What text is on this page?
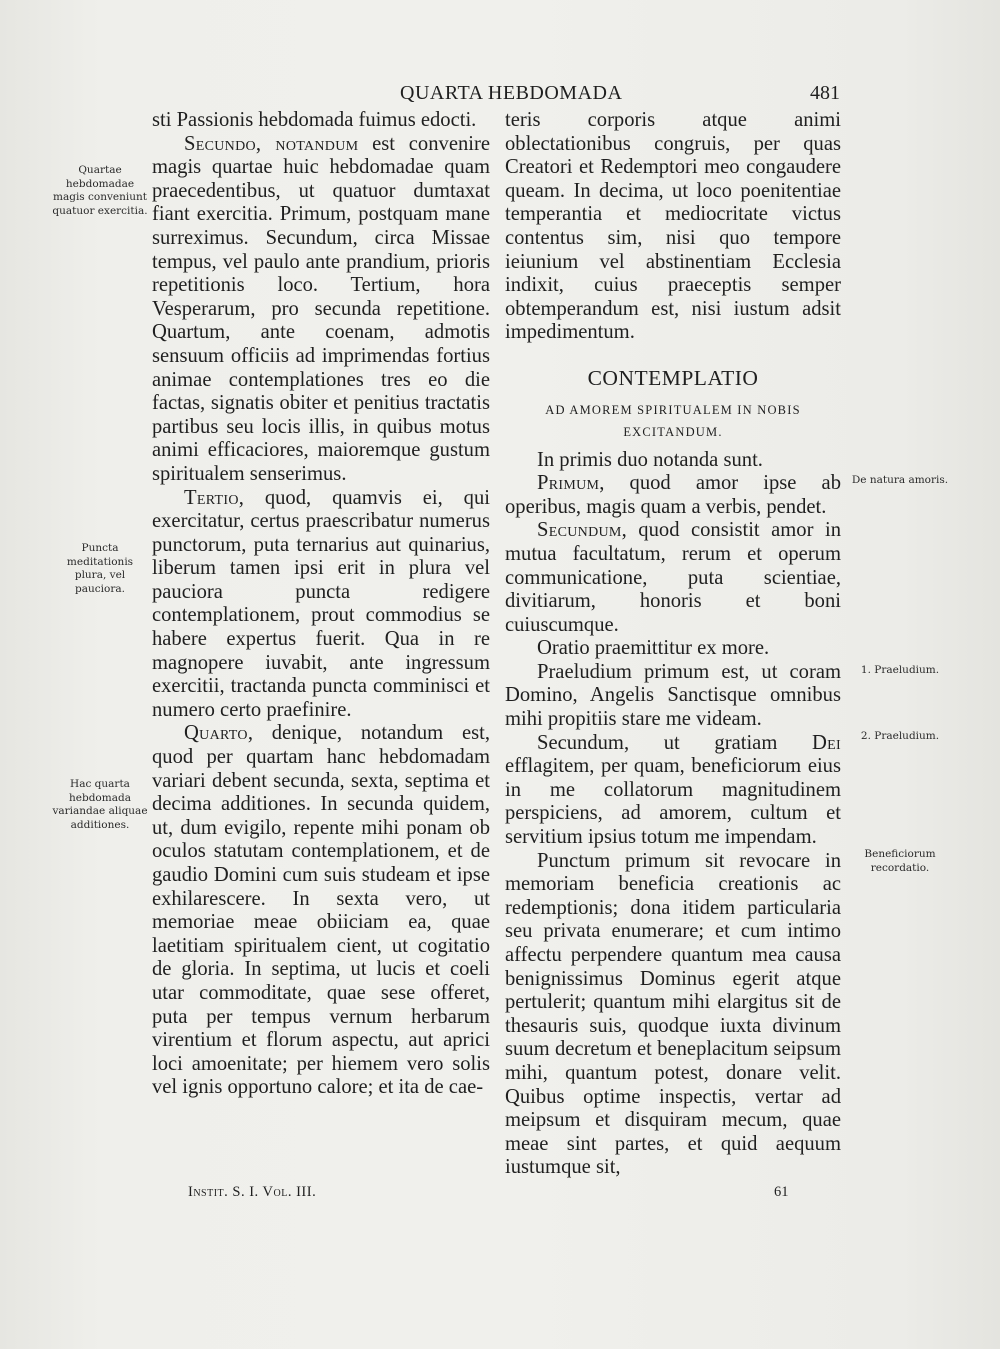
QUARTA HEBDOMADA	481
Quartae hebdomadae magis conveniunt quatuor exercitia.
Puncta meditationis plura, vel pauciora.
Hac quarta hebdomada variandae aliquae additiones.
De natura amoris.
1. Praeludium.
2. Praeludium.
Beneficiorum recordatio.

sti Passionis hebdomada fuimus edocti.

Secundo, notandum est convenire magis quartae huic hebdomadae quam praecedentibus, ut quatuor dumtaxat fiant exercitia. Primum, postquam mane surreximus. Secundum, circa Missae tempus, vel paulo ante prandium, prioris repetitionis loco. Tertium, hora Vesperarum, pro secunda repetitione. Quartum, ante coenam, admotis sensuum officiis ad imprimendas fortius animae contemplationes tres eo die factas, signatis obiter et penitius tractatis partibus seu locis illis, in quibus motus animi efficaciores, maioremque gustum spiritualem senserimus.

Tertio, quod, quamvis ei, qui exercitatur, certus praescribatur numerus punctorum, puta ternarius aut quinarius, liberum tamen ipsi erit in plura vel pauciora puncta redigere contemplationem, prout commodius se habere expertus fuerit. Qua in re magnopere iuvabit, ante ingressum exercitii, tractanda puncta comminisci et numero certo praefinire.

Quarto, denique, notandum est, quod per quartam hanc hebdomadam variari debent secunda, sexta, septima et decima additiones. In secunda quidem, ut, dum evigilo, repente mihi ponam ob oculos statutam contemplationem, et de gaudio Domini cum suis studeam et ipse exhilarescere. In sexta vero, ut memoriae meae obiiciam ea, quae laetitiam spiritualem cient, ut cogitatio de gloria. In septima, ut lucis et coeli utar commoditate, quae sese offeret, puta per tempus vernum herbarum virentium et florum aspectu, aut aprici loci amoenitate; per hiemem vero solis vel ignis opportuno calore; et ita de cae-

teris corporis atque animi oblectationibus congruis, per quas Creatori et Redemptori meo congaudere queam. In decima, ut loco poenitentiae temperantia et mediocritate victus contentus sim, nisi quo tempore ieiunium vel abstinentiam Ecclesia indixit, cuius praeceptis semper obtemperandum est, nisi iustum adsit impedimentum.

CONTEMPLATIO
AD AMOREM SPIRITUALEM IN NOBIS
EXCITANDUM.

In primis duo notanda sunt.

Primum, quod amor ipse ab operibus, magis quam a verbis, pendet.

Secundum, quod consistit amor in mutua facultatum, rerum et operum communicatione, puta scientiae, divitiarum, honoris et boni cuiuscumque.

Oratio praemittitur ex more.

Praeludium primum est, ut coram Domino, Angelis Sanctisque omnibus mihi propitiis stare me videam.

Secundum, ut gratiam Dei efflagitem, per quam, beneficiorum eius in me collatorum magnitudinem perspiciens, ad amorem, cultum et servitium ipsius totum me impendam.

Punctum primum sit revocare in memoriam beneficia creationis ac redemptionis; dona itidem particularia seu privata enumerare; et cum intimo affectu perpendere quantum mea causa benignissimus Dominus egerit atque pertulerit; quantum mihi elargitus sit de thesauris suis, quodque iuxta divinum suum decretum et beneplacitum seipsum mihi, quantum potest, donare velit. Quibus optime inspectis, vertar ad meipsum et disquiram mecum, quae meae sint partes, et quid aequum iustumque sit,

Instit. S. I. Vol. III.	61
